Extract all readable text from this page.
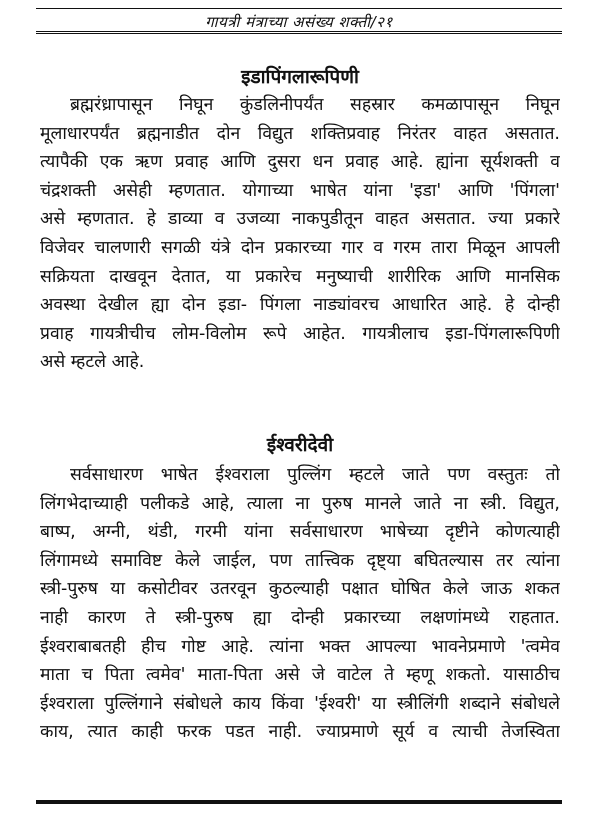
गायत्री मंत्राच्या असंख्य शक्ती/२१
इडापिंगलारूपिणी
ब्रह्मरंध्रापासून निघून कुंडलिनीपर्यंत सहस्रार कमळापासून निघून
मूलाधारपर्यंत ब्रह्मनाडीत दोन विद्युत शक्तिप्रवाह निरंतर वाहत असतात.
त्यापैकी एक ऋण प्रवाह आणि दुसरा धन प्रवाह आहे. ह्यांना सूर्यशक्ती व
चंद्रशक्ती असेही म्हणतात. योगाच्या भाषेत यांना 'इडा' आणि 'पिंगला'
असे म्हणतात. हे डाव्या व उजव्या नाकपुडीतून वाहत असतात. ज्या प्रकारे
विजेवर चालणारी सगळी यंत्रे दोन प्रकारच्या गार व गरम तारा मिळून आपली
सक्रियता दाखवून देतात, या प्रकारेच मनुष्याची शारीरिक आणि मानसिक
अवस्था देखील ह्या दोन इडा- पिंगला नाड्यांवरच आधारित आहे. हे दोन्ही
प्रवाह गायत्रीचीच लोम-विलोम रूपे आहेत. गायत्रीलाच इडा-पिंगलारूपिणी
असे म्हटले आहे.
ईश्वरीदेवी
सर्वसाधारण भाषेत ईश्वराला पुल्लिंग म्हटले जाते पण वस्तुतः तो
लिंगभेदाच्याही पलीकडे आहे, त्याला ना पुरुष मानले जाते ना स्त्री. विद्युत,
बाष्प, अग्नी, थंडी, गरमी यांना सर्वसाधारण भाषेच्या दृष्टीने कोणत्याही
लिंगामध्ये समाविष्ट केले जाईल, पण तात्त्विक दृष्ट्या बघितल्यास तर त्यांना
स्त्री-पुरुष या कसोटीवर उतरवून कुठल्याही पक्षात घोषित केले जाऊ शकत
नाही कारण ते स्त्री-पुरुष ह्या दोन्ही प्रकारच्या लक्षणांमध्ये राहतात.
ईश्वराबाबतही हीच गोष्ट आहे. त्यांना भक्त आपल्या भावनेप्रमाणे 'त्वमेव
माता च पिता त्वमेव' माता-पिता असे जे वाटेल ते म्हणू शकतो. यासाठीच
ईश्वराला पुल्लिंगाने संबोधले काय किंवा 'ईश्वरी' या स्त्रीलिंगी शब्दाने संबोधले
काय, त्यात काही फरक पडत नाही. ज्याप्रमाणे सूर्य व त्याची तेजस्विता
